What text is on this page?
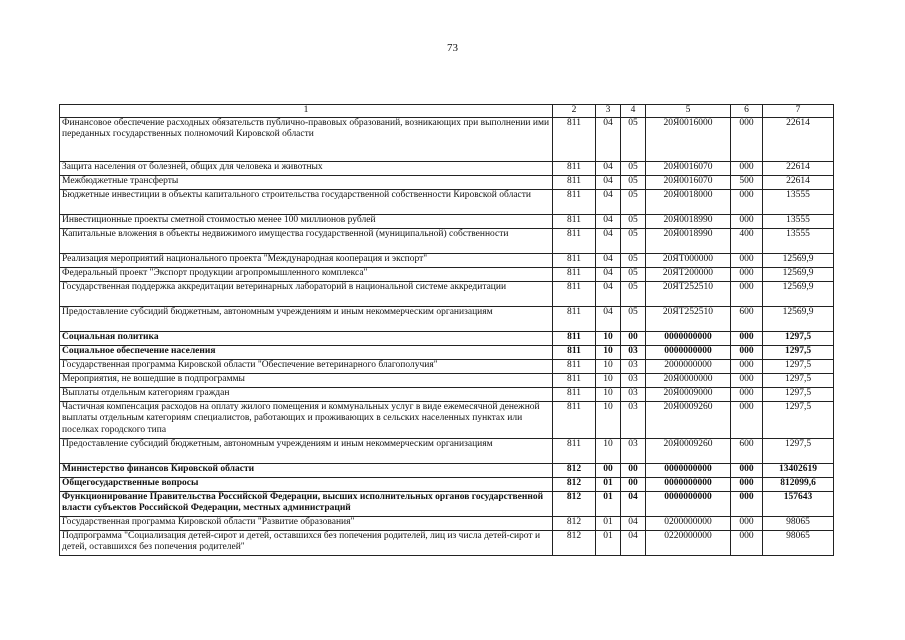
73
1	2	3	4	5	6	7
Финансовое обеспечение расходных обязательств публично-правовых образований, возникающих при выполнении ими переданных государственных полномочий Кировской области	811	04	05	20Я0016000	000	22614
Защита населения от болезней, общих для человека и животных	811	04	05	20Я0016070	000	22614
Межбюджетные трансферты	811	04	05	20Я0016070	500	22614
Бюджетные инвестиции в объекты капитального строительства государственной собственности Кировской области	811	04	05	20Я0018000	000	13555
Инвестиционные проекты сметной стоимостью менее 100 миллионов рублей	811	04	05	20Я0018990	000	13555
Капитальные вложения в объекты недвижимого имущества государственной (муниципальной) собственности	811	04	05	20Я0018990	400	13555
Реализация мероприятий национального проекта "Международная кооперация и экспорт"	811	04	05	20ЯТ000000	000	12569,9
Федеральный проект "Экспорт продукции агропромышленного комплекса"	811	04	05	20ЯТ200000	000	12569,9
Государственная поддержка аккредитации ветеринарных лабораторий в национальной системе аккредитации	811	04	05	20ЯТ252510	000	12569,9
Предоставление субсидий бюджетным, автономным учреждениям и иным некоммерческим организациям	811	04	05	20ЯТ252510	600	12569,9
Социальная политика	811	10	00	0000000000	000	1297,5
Социальное обеспечение населения	811	10	03	0000000000	000	1297,5
Государственная программа Кировской области "Обеспечение ветеринарного благополучия"	811	10	03	2000000000	000	1297,5
Мероприятия, не вошедшие в подпрограммы	811	10	03	20Я0000000	000	1297,5
Выплаты отдельным категориям граждан	811	10	03	20Я0009000	000	1297,5
Частичная компенсация расходов на оплату жилого помещения и коммунальных услуг в виде ежемесячной денежной выплаты отдельным категориям специалистов, работающих и проживающих в сельских населенных пунктах или поселках городского типа	811	10	03	20Я0009260	000	1297,5
Предоставление субсидий бюджетным, автономным учреждениям и иным некоммерческим организациям	811	10	03	20Я0009260	600	1297,5
Министерство финансов Кировской области	812	00	00	0000000000	000	13402619
Общегосударственные вопросы	812	01	00	0000000000	000	812099,6
Функционирование Правительства Российской Федерации, высших исполнительных органов государственной власти субъектов Российской Федерации, местных администраций	812	01	04	0000000000	000	157643
Государственная программа Кировской области "Развитие образования"	812	01	04	0200000000	000	98065
Подпрограмма "Социализация детей-сирот и детей, оставшихся без попечения родителей, лиц из числа детей-сирот и детей, оставшихся без попечения родителей"	812	01	04	0220000000	000	98065
